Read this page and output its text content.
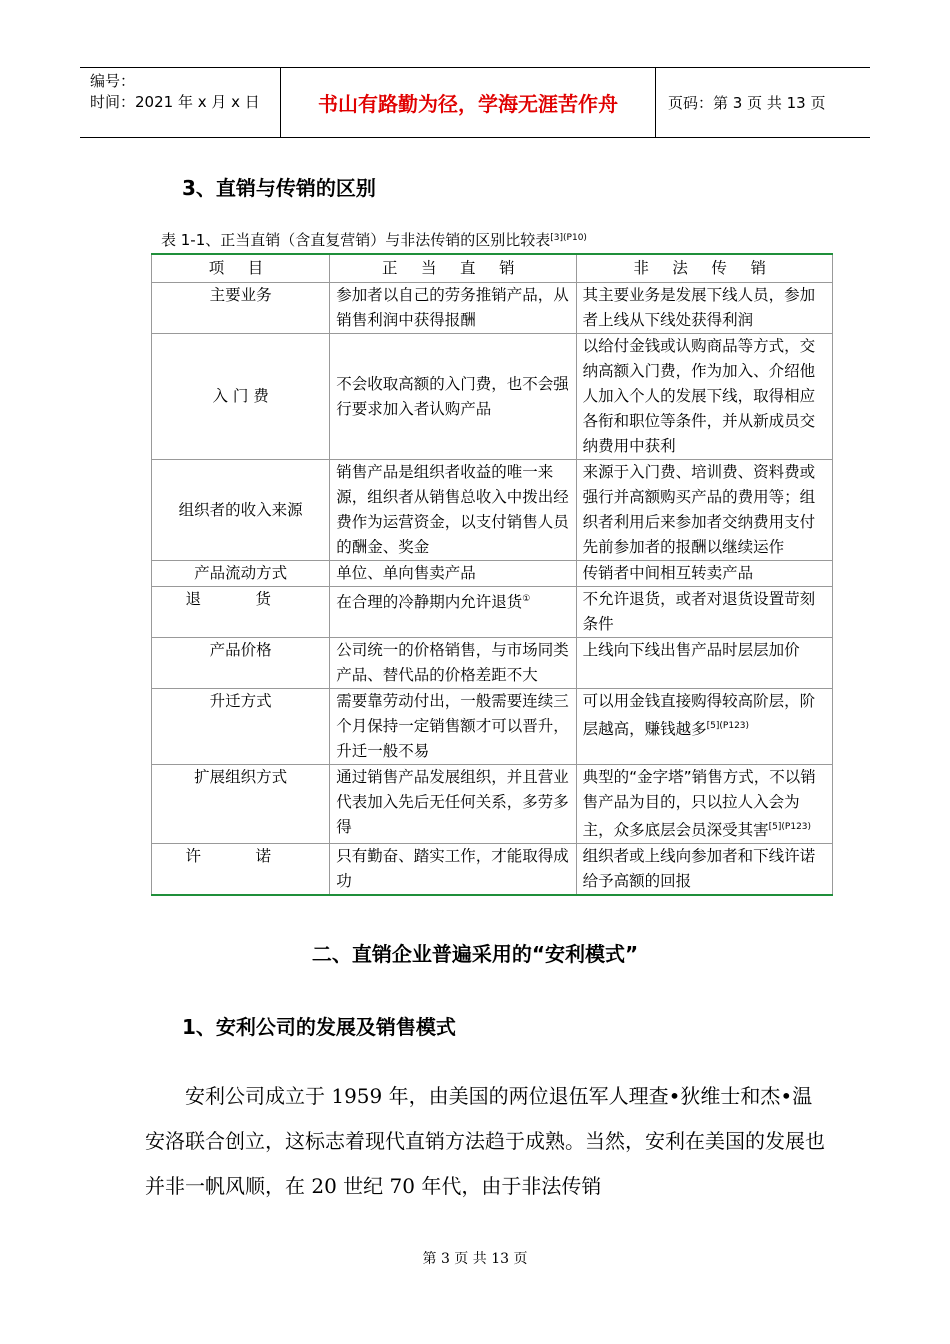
编号：
时间：2021 年 x 月 x 日	书山有路勤为径，学海无涯苦作舟	页码：第 3 页 共 13 页
3、直销与传销的区别
表 1-1、正当直销（含直复营销）与非法传销的区别比较表$^{[3](P10)}$
项 目	正 当 直 销	非 法 传 销
主要业务	参加者以自己的劳务推销产品，从销售利润中获得报酬	其主要业务是发展下线人员，参加者上线从下线处获得利润
入 门 费	不会收取高额的入门费，也不会强行要求加入者认购产品	以给付金钱或认购商品等方式，交纳高额入门费，作为加入、介绍他人加入个人的发展下线，取得相应各衔和职位等条件，并从新成员交纳费用中获利
组织者的收入来源	销售产品是组织者收益的唯一来源，组织者从销售总收入中拨出经费作为运营资金，以支付销售人员的酬金、奖金	来源于入门费、培训费、资料费或强行并高额购买产品的费用等；组织者利用后来参加者交纳费用支付先前参加者的报酬以继续运作
产品流动方式	单位、单向售卖产品	传销者中间相互转卖产品
退 货	在合理的冷静期内允许退货①	不允许退货，或者对退货设置苛刻条件
产品价格	公司统一的价格销售，与市场同类产品、替代品的价格差距不大	上线向下线出售产品时层层加价
升迁方式	需要靠劳动付出，一般需要连续三个月保持一定销售额才可以晋升，升迁一般不易	可以用金钱直接购得较高阶层，阶层越高，赚钱越多$^{[5](P123)}$
扩展组织方式	通过销售产品发展组织，并且营业代表加入先后无任何关系，多劳多得	典型的“金字塔”销售方式，不以销售产品为目的，只以拉人入会为主，众多底层会员深受其害$^{[5](P123)}$
许 诺	只有勤奋、踏实工作，才能取得成功	组织者或上线向参加者和下线许诺给予高额的回报
二、直销企业普遍采用的“安利模式”
1、安利公司的发展及销售模式
安利公司成立于 1959 年，由美国的两位退伍军人理查•狄维士和杰•温安洛联合创立，这标志着现代直销方法趋于成熟。当然，安利在美国的发展也并非一帆风顺，在 20 世纪 70 年代，由于非法传销
第 3 页 共 13 页
